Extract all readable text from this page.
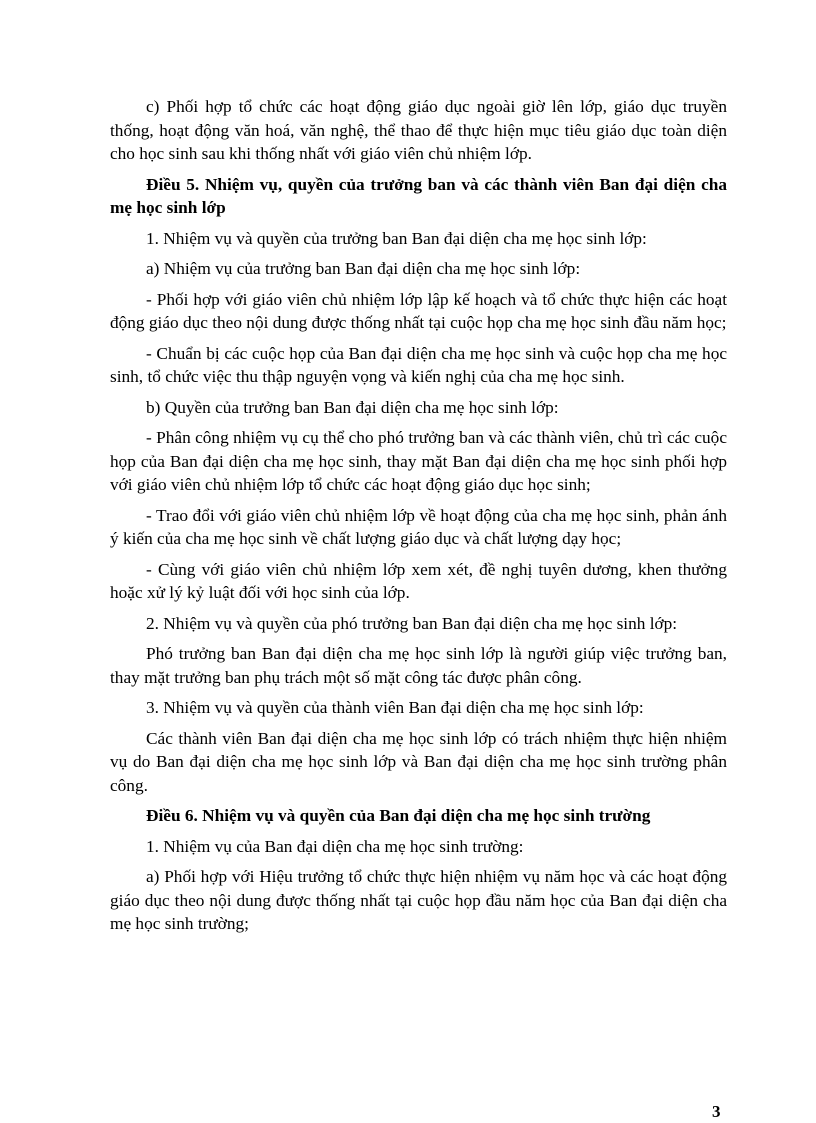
c) Phối hợp tổ chức các hoạt động giáo dục ngoài giờ lên lớp, giáo dục truyền thống, hoạt động văn hoá, văn nghệ, thể thao để thực hiện mục tiêu giáo dục toàn diện cho học sinh sau khi thống nhất với giáo viên chủ nhiệm lớp.

Điều 5. Nhiệm vụ, quyền của trưởng ban và các thành viên Ban đại diện cha mẹ học sinh lớp

1. Nhiệm vụ và quyền của trưởng ban Ban đại diện cha mẹ học sinh lớp:

a) Nhiệm vụ của trưởng ban Ban đại diện cha mẹ học sinh lớp:

- Phối hợp với giáo viên chủ nhiệm lớp lập kế hoạch và tổ chức thực hiện các hoạt động giáo dục theo nội dung được thống nhất tại cuộc họp cha mẹ học sinh đầu năm học;

- Chuẩn bị các cuộc họp của Ban đại diện cha mẹ học sinh và cuộc họp cha mẹ học sinh, tổ chức việc thu thập nguyện vọng và kiến nghị của cha mẹ học sinh.

b) Quyền của trưởng ban Ban đại diện cha mẹ học sinh lớp:

- Phân công nhiệm vụ cụ thể cho phó trưởng ban và các thành viên, chủ trì các cuộc họp của Ban đại diện cha mẹ học sinh, thay mặt Ban đại diện cha mẹ học sinh phối hợp với giáo viên chủ nhiệm lớp tổ chức các hoạt động giáo dục học sinh;

- Trao đổi với giáo viên chủ nhiệm lớp về hoạt động của cha mẹ học sinh, phản ánh ý kiến của cha mẹ học sinh về chất lượng giáo dục và chất lượng dạy học;

- Cùng với giáo viên chủ nhiệm lớp xem xét, đề nghị tuyên dương, khen thưởng hoặc xử lý kỷ luật đối với học sinh của lớp.

2. Nhiệm vụ và quyền của phó trưởng ban Ban đại diện cha mẹ học sinh lớp:

Phó trưởng ban Ban đại diện cha mẹ học sinh lớp là người giúp việc trưởng ban, thay mặt trưởng ban phụ trách một số mặt công tác được phân công.

3. Nhiệm vụ và quyền của thành viên Ban đại diện cha mẹ học sinh lớp:

Các thành viên Ban đại diện cha mẹ học sinh lớp có trách nhiệm thực hiện nhiệm vụ do Ban đại diện cha mẹ học sinh lớp và Ban đại diện cha mẹ học sinh trường phân công.

Điều 6. Nhiệm vụ và quyền của Ban đại diện cha mẹ học sinh trường

1. Nhiệm vụ của Ban đại diện cha mẹ học sinh trường:

a) Phối hợp với Hiệu trưởng tổ chức thực hiện nhiệm vụ năm học và các hoạt động giáo dục theo nội dung được thống nhất tại cuộc họp đầu năm học của Ban đại diện cha mẹ học sinh trường;

3
